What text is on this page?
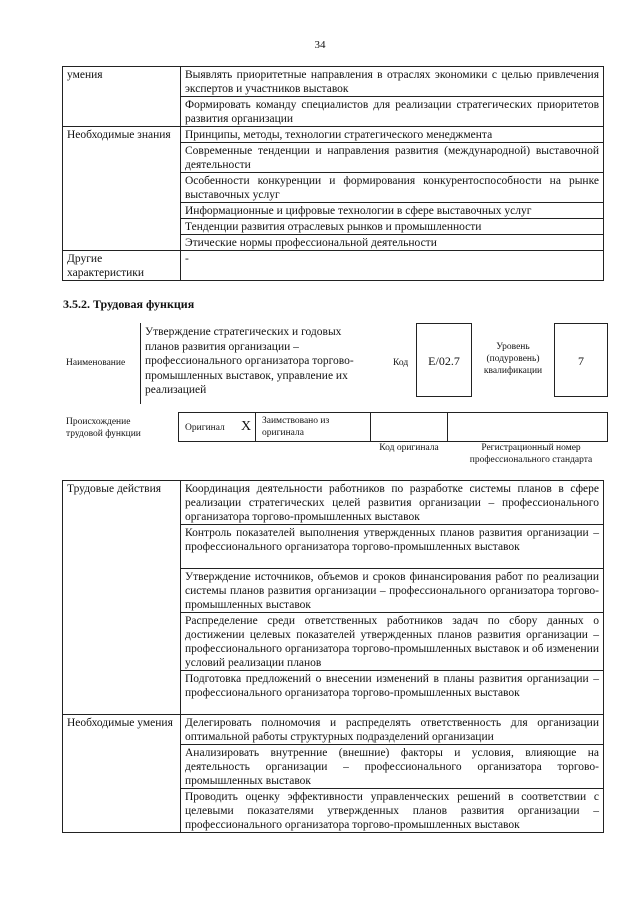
34
умения	Выявлять приоритетные направления в отраслях экономики с целью привлечения экспертов и участников выставок
	Формировать команду специалистов для реализации стратегических приоритетов развития организации
Необходимые знания	Принципы, методы, технологии стратегического менеджмента
	Современные тенденции и направления развития (международной) выставочной деятельности
	Особенности конкуренции и формирования конкурентоспособности на рынке выставочных услуг
	Информационные и цифровые технологии в сфере выставочных услуг
	Тенденции развития отраслевых рынков и промышленности
	Этические нормы профессиональной деятельности
Другие характеристики	-
3.5.2. Трудовая функция
Наименование
Утверждение стратегических и годовых планов развития организации – профессионального организатора торгово-промышленных выставок, управление их реализацией
Код	E/02.7
Уровень (подуровень) квалификации
7
Происхождение трудовой функции
Оригинал X Заимствовано из оригинала
Код оригинала	Регистрационный номер профессионального стандарта
Трудовые действия	Координация деятельности работников по разработке системы планов в сфере реализации стратегических целей развития организации – профессионального организатора торгово-промышленных выставок
	Контроль показателей выполнения утвержденных планов развития организации – профессионального организатора торгово-промышленных выставок
	Утверждение источников, объемов и сроков финансирования работ по реализации системы планов развития организации – профессионального организатора торгово-промышленных выставок
	Распределение среди ответственных работников задач по сбору данных о достижении целевых показателей утвержденных планов развития организации – профессионального организатора торгово-промышленных выставок и об изменении условий реализации планов
	Подготовка предложений о внесении изменений в планы развития организации – профессионального организатора торгово-промышленных выставок
Необходимые умения	Делегировать полномочия и распределять ответственность для организации оптимальной работы структурных подразделений организации
	Анализировать внутренние (внешние) факторы и условия, влияющие на деятельность организации – профессионального организатора торгово-промышленных выставок
	Проводить оценку эффективности управленческих решений в соответствии с целевыми показателями утвержденных планов развития организации – профессионального организатора торгово-промышленных выставок
